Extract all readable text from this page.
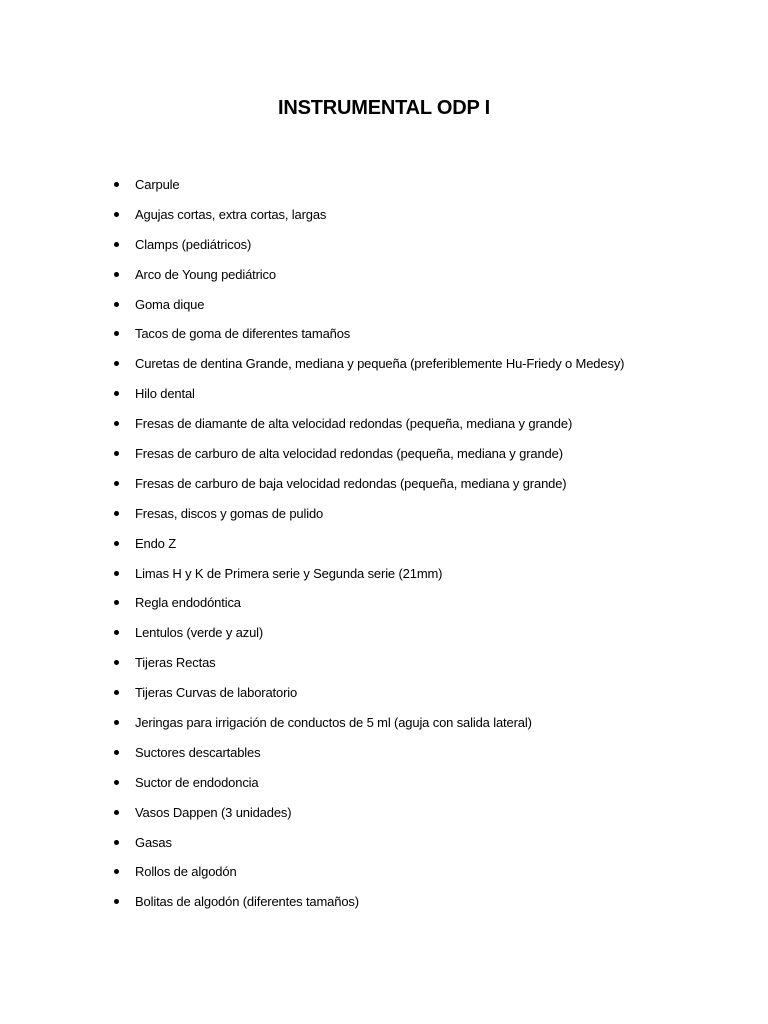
INSTRUMENTAL ODP I
Carpule
Agujas cortas, extra cortas, largas
Clamps (pediátricos)
Arco de Young pediátrico
Goma dique
Tacos de goma de diferentes tamaños
Curetas de dentina Grande, mediana y pequeña (preferiblemente Hu-Friedy o Medesy)
Hilo dental
Fresas de diamante de alta velocidad redondas (pequeña, mediana y grande)
Fresas de carburo de alta velocidad redondas (pequeña, mediana y grande)
Fresas de carburo de baja velocidad redondas (pequeña, mediana y grande)
Fresas, discos y gomas de pulido
Endo Z
Limas H y K de Primera serie y Segunda serie (21mm)
Regla endodóntica
Lentulos (verde y azul)
Tijeras Rectas
Tijeras Curvas de laboratorio
Jeringas para irrigación de conductos de 5 ml (aguja con salida lateral)
Suctores descartables
Suctor de endodoncia
Vasos Dappen (3 unidades)
Gasas
Rollos de algodón
Bolitas de algodón (diferentes tamaños)
